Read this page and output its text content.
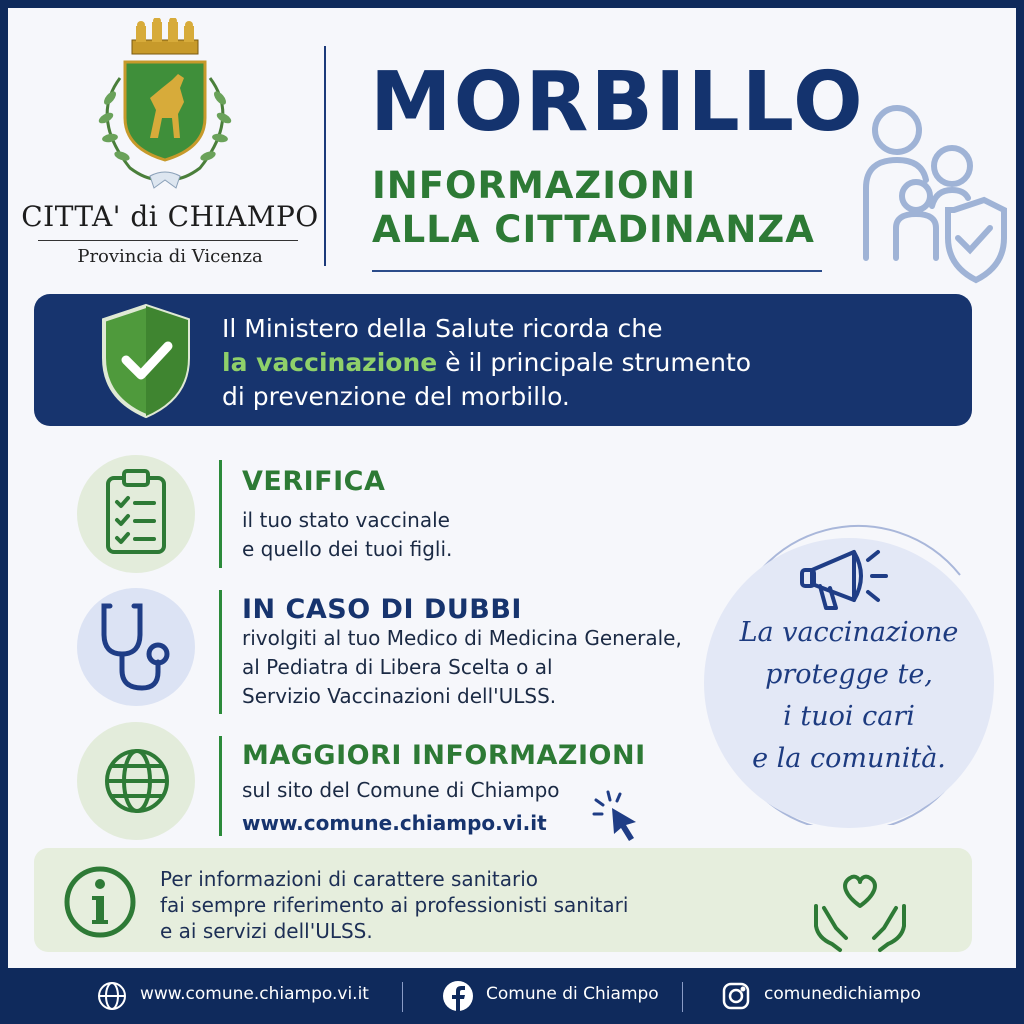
CITTA' di CHIAMPO
Provincia di Vicenza
MORBILLO
INFORMAZIONI
ALLA CITTADINANZA
Il Ministero della Salute ricorda che
la vaccinazione è il principale strumento
di prevenzione del morbillo.
VERIFICA
il tuo stato vaccinale
e quello dei tuoi figli.
IN CASO DI DUBBI
rivolgiti al tuo Medico di Medicina Generale,
al Pediatra di Libera Scelta o al
Servizio Vaccinazioni dell'ULSS.
MAGGIORI INFORMAZIONI
sul sito del Comune di Chiampo
www.comune.chiampo.vi.it
La vaccinazione
protegge te,
i tuoi cari
e la comunità.
Per informazioni di carattere sanitario
fai sempre riferimento ai professionisti sanitari
e ai servizi dell'ULSS.
www.comune.chiampo.vi.it	Comune di Chiampo	comunedichiampo
